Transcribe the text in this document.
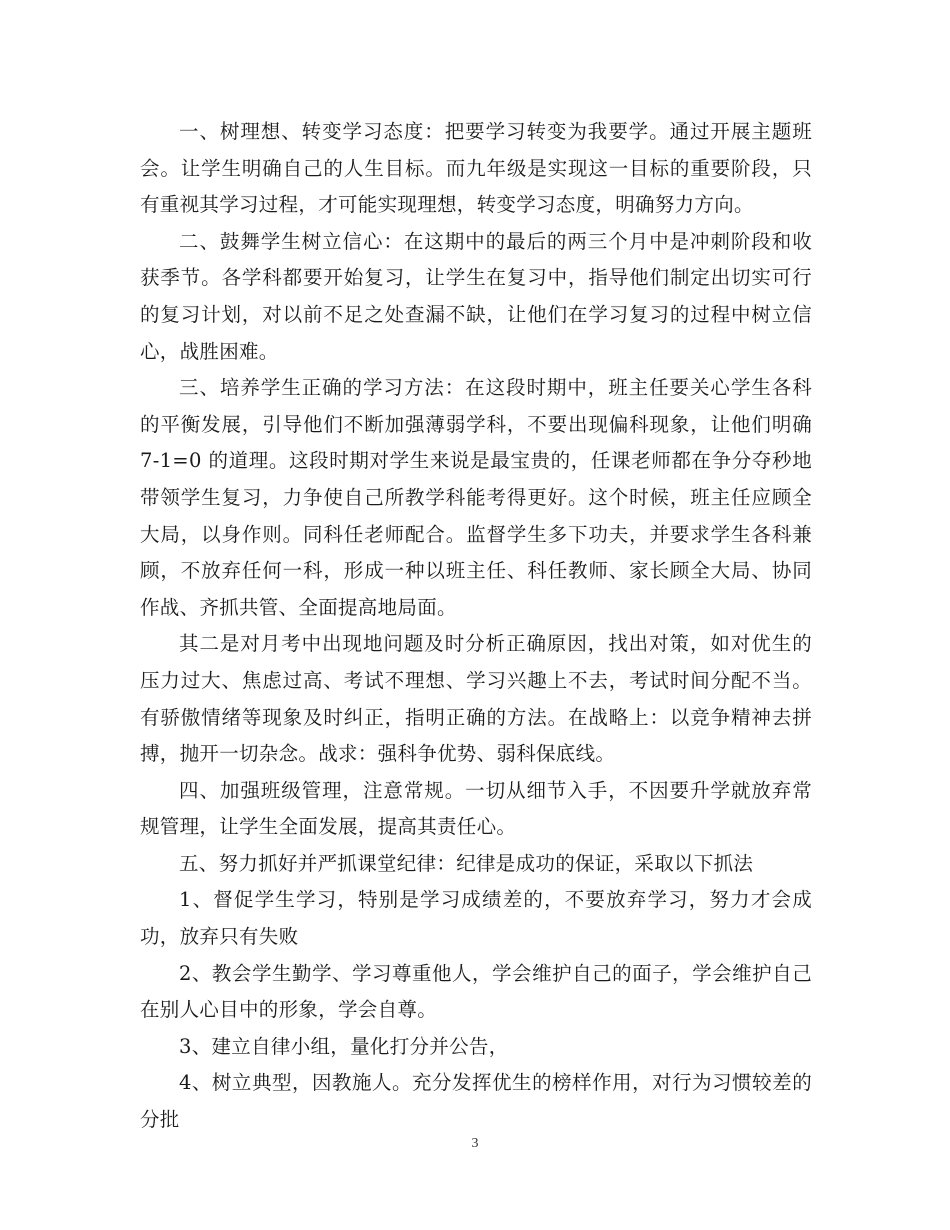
一、树理想、转变学习态度：把要学习转变为我要学。通过开展主题班会。让学生明确自己的人生目标。而九年级是实现这一目标的重要阶段，只有重视其学习过程，才可能实现理想，转变学习态度，明确努力方向。

二、鼓舞学生树立信心：在这期中的最后的两三个月中是冲刺阶段和收获季节。各学科都要开始复习，让学生在复习中，指导他们制定出切实可行的复习计划，对以前不足之处查漏不缺，让他们在学习复习的过程中树立信心，战胜困难。

三、培养学生正确的学习方法：在这段时期中，班主任要关心学生各科的平衡发展，引导他们不断加强薄弱学科，不要出现偏科现象，让他们明确 7-1=0 的道理。这段时期对学生来说是最宝贵的，任课老师都在争分夺秒地带领学生复习，力争使自己所教学科能考得更好。这个时候，班主任应顾全大局，以身作则。同科任老师配合。监督学生多下功夫，并要求学生各科兼顾，不放弃任何一科，形成一种以班主任、科任教师、家长顾全大局、协同作战、齐抓共管、全面提高地局面。

其二是对月考中出现地问题及时分析正确原因，找出对策，如对优生的压力过大、焦虑过高、考试不理想、学习兴趣上不去，考试时间分配不当。有骄傲情绪等现象及时纠正，指明正确的方法。在战略上：以竞争精神去拼搏，抛开一切杂念。战求：强科争优势、弱科保底线。

四、加强班级管理，注意常规。一切从细节入手，不因要升学就放弃常规管理，让学生全面发展，提高其责任心。

五、努力抓好并严抓课堂纪律：纪律是成功的保证，采取以下抓法

1、督促学生学习，特别是学习成绩差的，不要放弃学习，努力才会成功，放弃只有失败

2、教会学生勤学、学习尊重他人，学会维护自己的面子，学会维护自己在别人心目中的形象，学会自尊。

3、建立自律小组，量化打分并公告，

4、树立典型，因教施人。充分发挥优生的榜样作用，对行为习惯较差的分批

3
